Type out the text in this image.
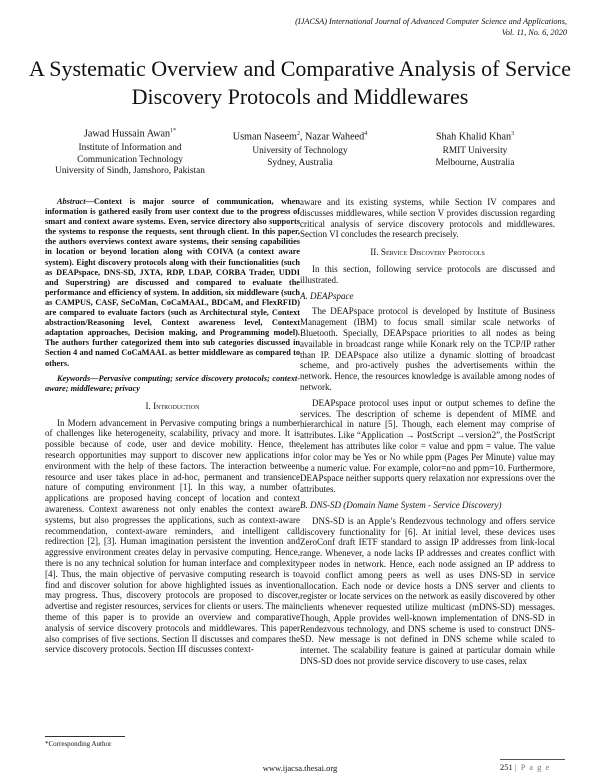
(IJACSA) International Journal of Advanced Computer Science and Applications,
Vol. 11, No. 6, 2020
A Systematic Overview and Comparative Analysis of Service Discovery Protocols and Middlewares
Jawad Hussain Awan$^{1*}$
Institute of Information and
Communication Technology
University of Sindh, Jamshoro, Pakistan
Usman Naseem$^2$, Nazar Waheed$^4$
University of Technology
Sydney, Australia
Shah Khalid Khan$^3$
RMIT University
Melbourne, Australia

Abstract—Context is major source of communication, when information is gathered easily from user context due to the progress of smart and context aware systems. Even, service directory also supports the systems to response the requests, sent through client. In this paper, the authors overviews context aware systems, their sensing capabilities in location or beyond location along with COIVA (a context aware system). Eight discovery protocols along with their functionalities (such as DEAPspace, DNS-SD, JXTA, RDP, LDAP, CORBA Trader, UDDI and Superstring) are discussed and compared to evaluate the performance and efficiency of system. In addition, six middleware (such as CAMPUS, CASF, SeCoMan, CoCaMAAL, BDCaM, and FlexRFID) are compared to evaluate factors (such as Architectural style, Context abstraction/Reasoning level, Context awareness level, Context adaptation approaches, Decision making, and Programming model). The authors further categorized them into sub categories discussed in Section 4 and named CoCaMAAL as better middleware as compared to others.

Keywords—Pervasive computing; service discovery protocols; context-aware; middleware; privacy

I. Introduction

In Modern advancement in Pervasive computing brings a number of challenges like heterogeneity, scalability, privacy and more. It is possible because of code, user and device mobility. Hence, the research opportunities may support to discover new applications in environment with the help of these factors. The interaction between resource and user takes place in ad-hoc, permanent and transience nature of computing environment [1]. In this way, a number of applications are proposed having concept of location and context awareness. Context awareness not only enables the context aware systems, but also progresses the applications, such as context-aware recommendation, context-aware reminders, and intelligent call redirection [2], [3]. Human imagination persistent the invention and aggressive environment creates delay in pervasive computing. Hence, there is no any technical solution for human interface and complexity [4]. Thus, the main objective of pervasive computing research is to find and discover solution for above highlighted issues as invention may progress. Thus, discovery protocols are proposed to discover, advertise and register resources, services for clients or users. The main theme of this paper is to provide an overview and comparative analysis of service discovery protocols and middlewares. This paper also comprises of five sections. Section II discusses and compares the service discovery protocols. Section III discusses context-

aware and its existing systems, while Section IV compares and discusses middlewares, while section V provides discussion regarding critical analysis of service discovery protocols and middlewares. Section VI concludes the research precisely.

II. Service Discovery Protocols

In this section, following service protocols are discussed and illustrated.

A. DEAPspace

The DEAPspace protocol is developed by Institute of Business Management (IBM) to focus small similar scale networks of Bluetooth. Specially, DEAPspace priorities to all nodes as being available in broadcast range while Konark rely on the TCP/IP rather than IP. DEAPspace also utilize a dynamic slotting of broadcast scheme, and pro-actively pushes the advertisements within the network. Hence, the resources knowledge is available among nodes of network.

DEAPspace protocol uses input or output schemes to define the services. The description of scheme is dependent of MIME and hierarchical in nature [5]. Though, each element may comprise of attributes. Like “Application → PostScript →version2”, the PostScript element has attributes like color = value and ppm = value. The value for color may be Yes or No while ppm (Pages Per Minute) value may be a numeric value. For example, color=no and ppm=10. Furthermore, DEAPspace neither supports query relaxation nor expressions over the attributes.

B. DNS-SD (Domain Name System - Service Discovery)

DNS-SD is an Apple’s Rendezvous technology and offers service discovery functionality for [6]. At initial level, these devices uses ZeroConf draft IETF standard to assign IP addresses from link-local range. Whenever, a node lacks IP addresses and creates conflict with peer nodes in network. Hence, each node assigned an IP address to avoid conflict among peers as well as uses DNS-SD in service allocation. Each node or device hosts a DNS server and clients to register or locate services on the network as easily discovered by other clients whenever requested utilize multicast (mDNS-SD) messages. Though, Apple provides well-known implementation of DNS-SD in Rendezvous technology, and DNS scheme is used to construct DNS-SD. New message is not defined in DNS scheme while scaled to internet. The scalability feature is gained at particular domain while DNS-SD does not provide service discovery to use cases, relax

*Corresponding Author
251 | P a g e
www.ijacsa.thesai.org
